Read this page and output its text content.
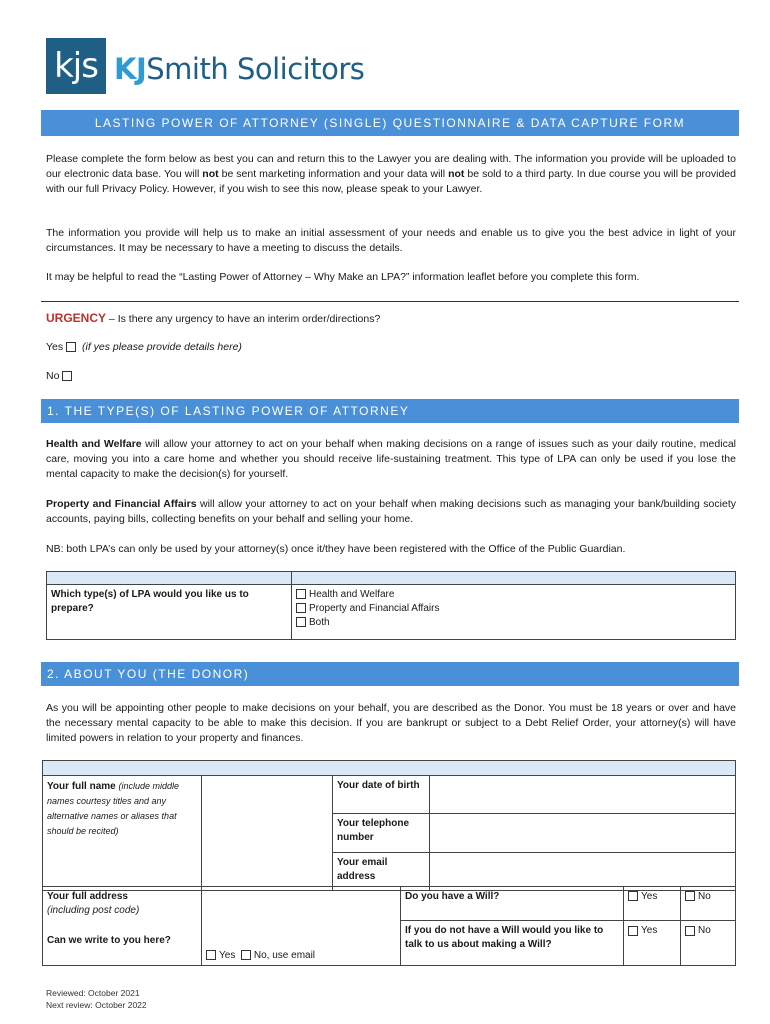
kjs KJSmith Solicitors
LASTING POWER OF ATTORNEY (SINGLE) QUESTIONNAIRE & DATA CAPTURE FORM

Please complete the form below as best you can and return this to the Lawyer you are dealing with. The information you provide will be uploaded to our electronic data base. You will not be sent marketing information and your data will not be sold to a third party. In due course you will be provided with our full Privacy Policy. However, if you wish to see this now, please speak to your Lawyer.

The information you provide will help us to make an initial assessment of your needs and enable us to give you the best advice in light of your circumstances. It may be necessary to have a meeting to discuss the details.

It may be helpful to read the “Lasting Power of Attorney – Why Make an LPA?” information leaflet before you complete this form.

URGENCY – Is there any urgency to have an interim order/directions?
Yes (if yes please provide details here)
No
1. THE TYPE(S) OF LASTING POWER OF ATTORNEY

Health and Welfare will allow your attorney to act on your behalf when making decisions on a range of issues such as your daily routine, medical care, moving you into a care home and whether you should receive life-sustaining treatment. This type of LPA can only be used if you lose the mental capacity to make the decision(s) for yourself.

Property and Financial Affairs will allow your attorney to act on your behalf when making decisions such as managing your bank/building society accounts, paying bills, collecting benefits on your behalf and selling your home.

NB: both LPA’s can only be used by your attorney(s) once it/they have been registered with the Office of the Public Guardian.

Which type(s) of LPA would you like us to prepare?	Health and Welfare
Property and Financial Affairs
Both
2. ABOUT YOU (THE DONOR)

As you will be appointing other people to make decisions on your behalf, you are described as the Donor. You must be 18 years or over and have the necessary mental capacity to be able to make this decision. If you are bankrupt or subject to a Debt Relief Order, your attorney(s) will have limited powers in relation to your property and finances.

Your full name (include middle names courtesy titles and any alternative names or aliases that should be recited)		Your date of birth	
		Your telephone number	
		Your email address	
Your full address
(including post code)
Can we write to you here?	Yes No, use email	Do you have a Will?	Yes	No
		If you do not have a Will would you like to talk to us about making a Will?	Yes	No
Reviewed: October 2021
Next review: October 2022
